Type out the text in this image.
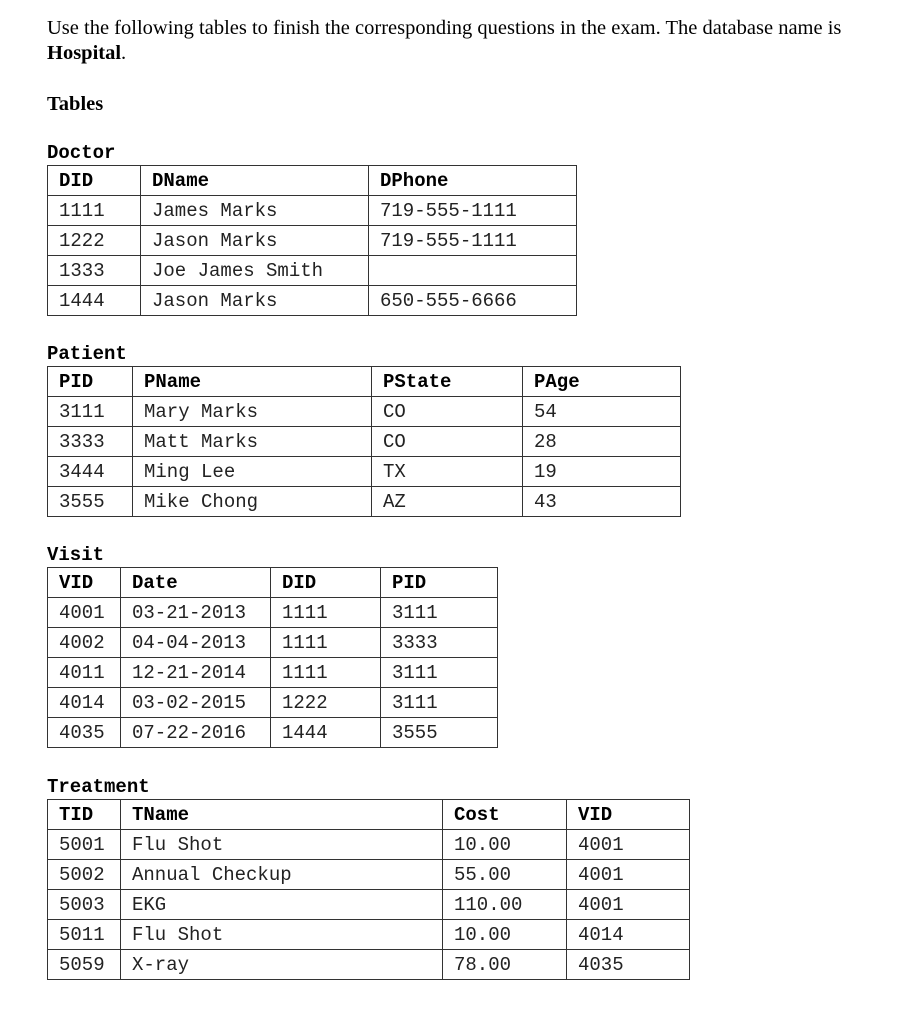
Use the following tables to finish the corresponding questions in the exam. The database name is Hospital.
Tables
Doctor
DID	DName	DPhone
1111	James Marks	719-555-1111
1222	Jason Marks	719-555-1111
1333	Joe James Smith	
1444	Jason Marks	650-555-6666
Patient
PID	PName	PState	PAge
3111	Mary Marks	CO	54
3333	Matt Marks	CO	28
3444	Ming Lee	TX	19
3555	Mike Chong	AZ	43
Visit
VID	Date	DID	PID
4001	03-21-2013	1111	3111
4002	04-04-2013	1111	3333
4011	12-21-2014	1111	3111
4014	03-02-2015	1222	3111
4035	07-22-2016	1444	3555
Treatment
TID	TName	Cost	VID
5001	Flu Shot	10.00	4001
5002	Annual Checkup	55.00	4001
5003	EKG	110.00	4001
5011	Flu Shot	10.00	4014
5059	X-ray	78.00	4035
